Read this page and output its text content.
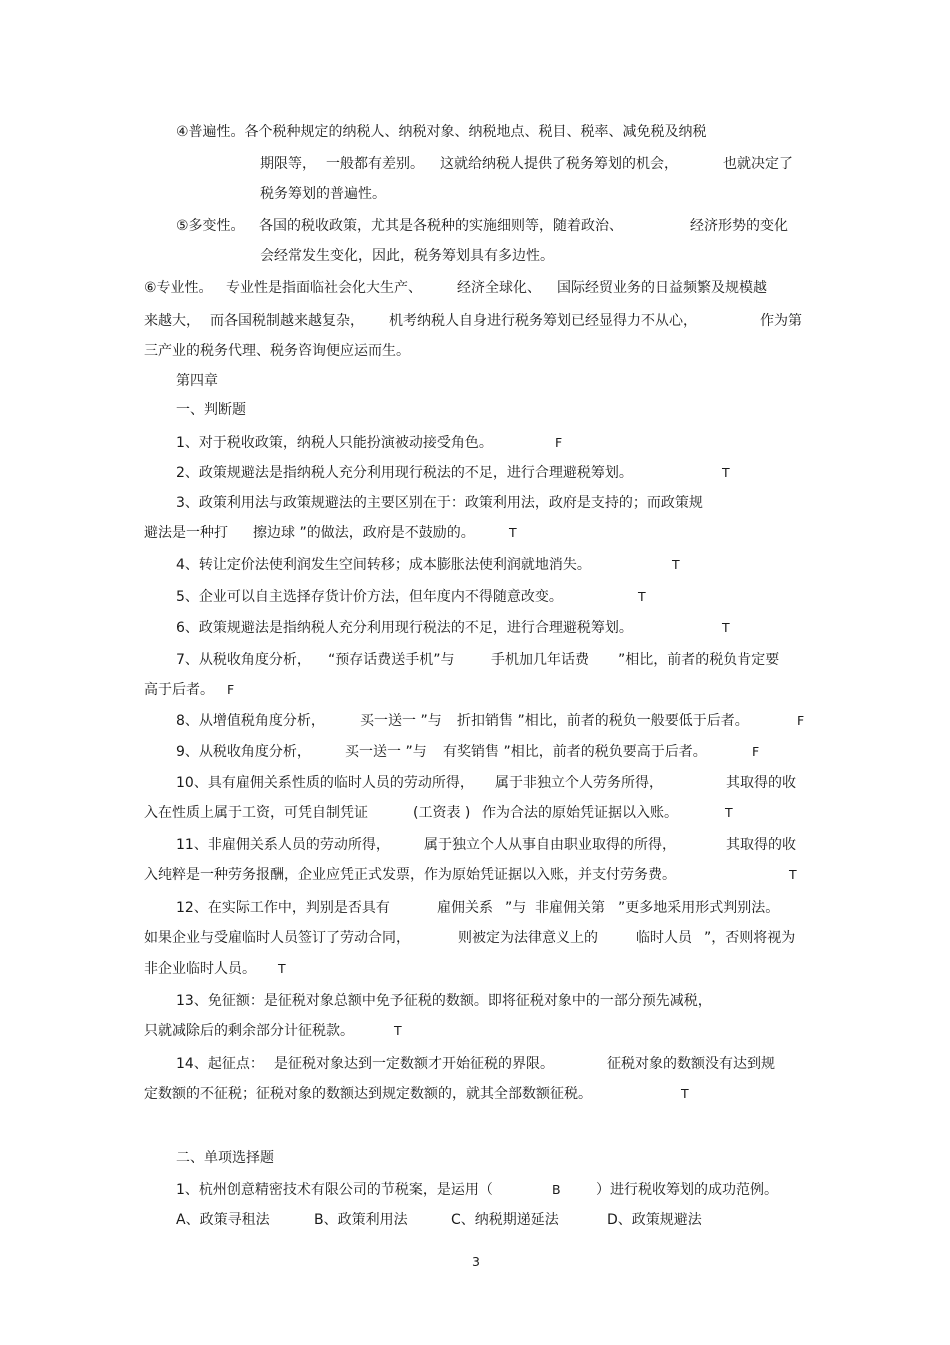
④普遍性。各个税种规定的纳税人、纳税对象、纳税地点、税目、税率、减免税及纳税
期限等， 一般都有差别。 这就给纳税人提供了税务筹划的机会，	也就决定了
税务筹划的普遍性。
⑤多变性。 各国的税收政策，尤其是各税种的实施细则等，随着政治、	经济形势的变化
会经常发生变化，因此，税务筹划具有多边性。
⑥专业性。 专业性是指面临社会化大生产、	经济全球化、 国际经贸业务的日益频繁及规模越
来越大， 而各国税制越来越复杂， 机考纳税人自身进行税务筹划已经显得力不从心，	作为第
三产业的税务代理、税务咨询便应运而生。
第四章
一、判断题
1、对于税收政策，纳税人只能扮演被动接受角色。	F
2、政策规避法是指纳税人充分利用现行税法的不足，进行合理避税筹划。	T
3、政策利用法与政策规避法的主要区别在于：政策利用法，政府是支持的；而政策规
避法是一种打 擦边球 ”的做法，政府是不鼓励的。	T
4、转让定价法使利润发生空间转移；成本膨胀法使利润就地消失。	T
5、企业可以自主选择存货计价方法，但年度内不得随意改变。	T
6、政策规避法是指纳税人充分利用现行税法的不足，进行合理避税筹划。	T
7、从税收角度分析， “预存话费送手机”与	手机加几年话费 ”相比，前者的税负肯定要
高于后者。 F
8、从增值税角度分析，	买一送一 ”与 折扣销售 ”相比，前者的税负一般要低于后者。	F
9、从税收角度分析， 买一送一 ”与 有奖销售 ”相比，前者的税负要高于后者。	F
10、具有雇佣关系性质的临时人员的劳动所得， 属于非独立个人劳务所得，	其取得的收
入在性质上属于工资，可凭自制凭证	(工资表 ) 作为合法的原始凭证据以入账。	T
11、非雇佣关系人员的劳动所得， 属于独立个人从事自由职业取得的所得，	其取得的收
入纯粹是一种劳务报酬，企业应凭正式发票，作为原始凭证据以入账，并支付劳务费。	T
12、在实际工作中，判别是否具有	雇佣关系 ”与 非雇佣关第 ”更多地采用形式判别法。
如果企业与受雇临时人员签订了劳动合同，	则被定为法律意义上的	临时人员 ”，否则将视为
非企业临时人员。 T
13、免征额：是征税对象总额中免予征税的数额。即将征税对象中的一部分预先减税，
只就减除后的剩余部分计征税款。	T
14、起征点： 是征税对象达到一定数额才开始征税的界限。	征税对象的数额没有达到规
定数额的不征税；征税对象的数额达到规定数额的，就其全部数额征税。	T
二、单项选择题
1、杭州创意精密技术有限公司的节税案，是运用（	B	）进行税收筹划的成功范例。
A、政策寻租法	B、政策利用法	C、纳税期递延法	D、政策规避法
3
